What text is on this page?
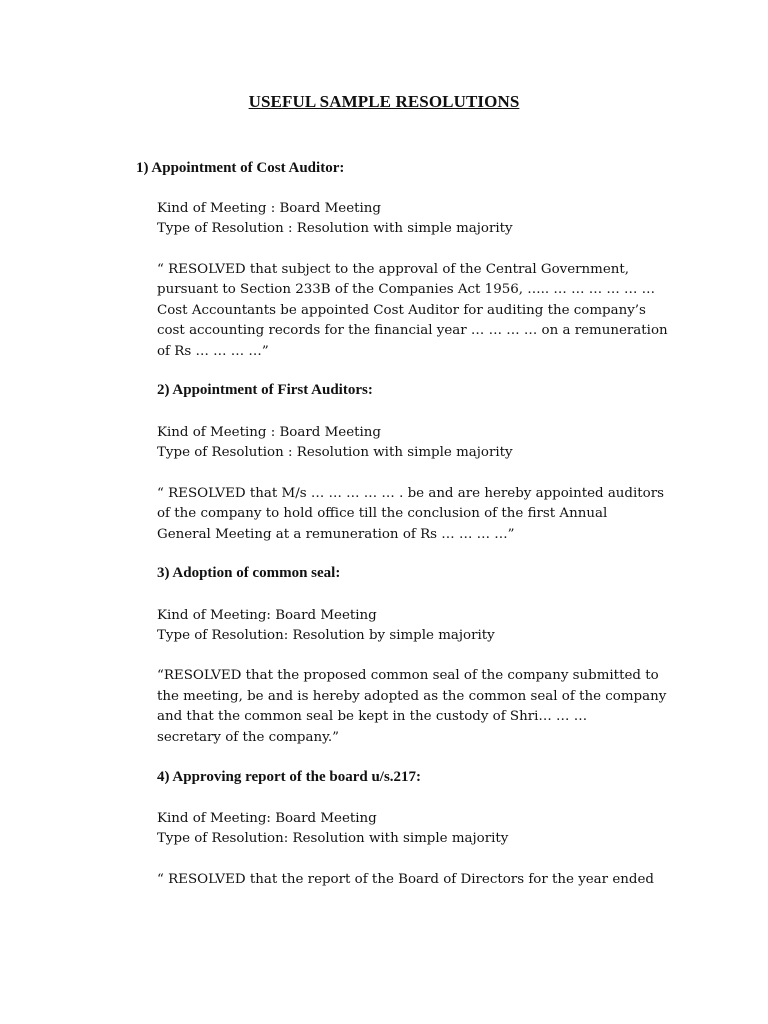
USEFUL SAMPLE RESOLUTIONS
1) Appointment of Cost Auditor:
Kind of Meeting : Board Meeting
Type of Resolution : Resolution with simple majority
“ RESOLVED that subject to the approval of the Central Government,
pursuant to Section 233B of the Companies Act 1956, ….. … … … … … …
Cost Accountants be appointed Cost Auditor for auditing the company’s
cost accounting records for the financial year … … … … on a remuneration
of Rs … … … …”
2) Appointment of First Auditors:
Kind of Meeting : Board Meeting
Type of Resolution : Resolution with simple majority
“ RESOLVED that M/s … … … … … . be and are hereby appointed auditors
of the company to hold office till the conclusion of the first Annual
General Meeting at a remuneration of Rs … … … …”
3) Adoption of common seal:
Kind of Meeting: Board Meeting
Type of Resolution: Resolution by simple majority
“RESOLVED that the proposed common seal of the company submitted to
the meeting, be and is hereby adopted as the common seal of the company
and that the common seal be kept in the custody of Shri… … …
secretary of the company.”
4) Approving report of the board u/s.217:
Kind of Meeting: Board Meeting
Type of Resolution: Resolution with simple majority
“ RESOLVED that the report of the Board of Directors for the year ended
